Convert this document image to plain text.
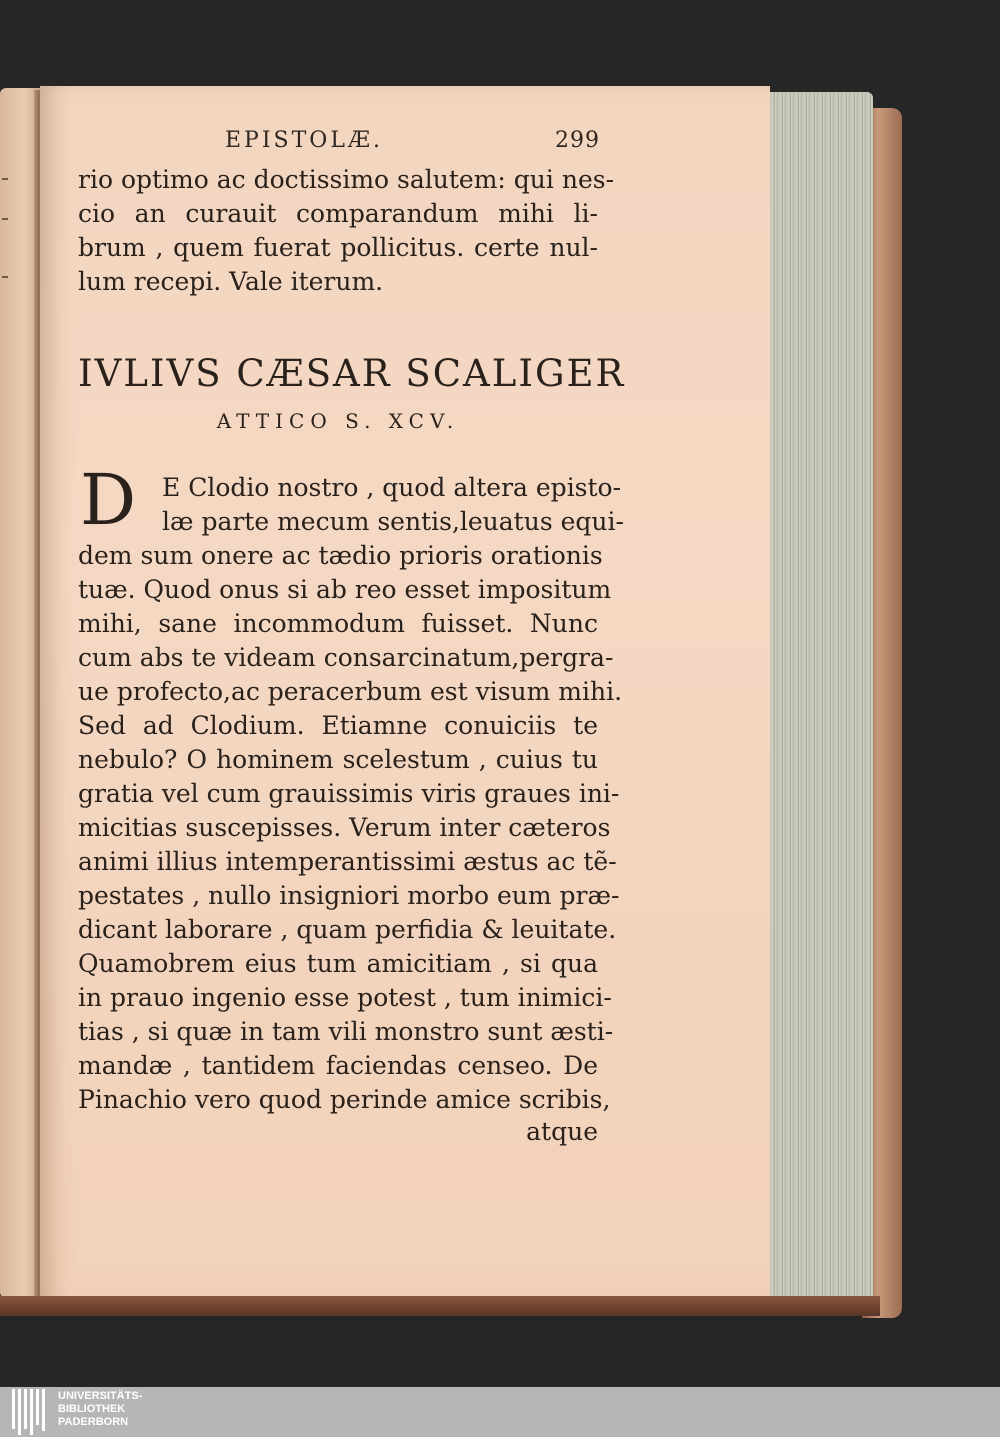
EPISTOLÆ.	299
rio optimo ac doctissimo salutem: qui nes-
cio an curauit comparandum mihi li-
brum , quem fuerat pollicitus. certe nul-
lum recepi. Vale iterum.
IVLIVS CÆSAR SCALIGER
ATTICO S. XCV.
D E Clodio nostro , quod altera episto-
læ parte mecum sentis,leuatus equi-
dem sum onere ac tædio prioris orationis
tuæ. Quod onus si ab reo esset impositum
mihi, sane incommodum fuisset. Nunc
cum abs te videam consarcinatum,pergra-
ue profecto,ac peracerbum est visum mihi.
Sed ad Clodium. Etiamne conuiciis te
nebulo? O hominem scelestum , cuius tu
gratia vel cum grauissimis viris graues ini-
micitias suscepisses. Verum inter cæteros
animi illius intemperantissimi æstus ac tẽ-
pestates , nullo insigniori morbo eum præ-
dicant laborare , quam perfidia & leuitate.
Quamobrem eius tum amicitiam , si qua
in prauo ingenio esse potest , tum inimici-
tias , si quæ in tam vili monstro sunt æsti-
mandæ , tantidem faciendas censeo. De
Pinachio vero quod perinde amice scribis,
atque
UNIVERSITÄTS-
BIBLIOTHEK
PADERBORN
